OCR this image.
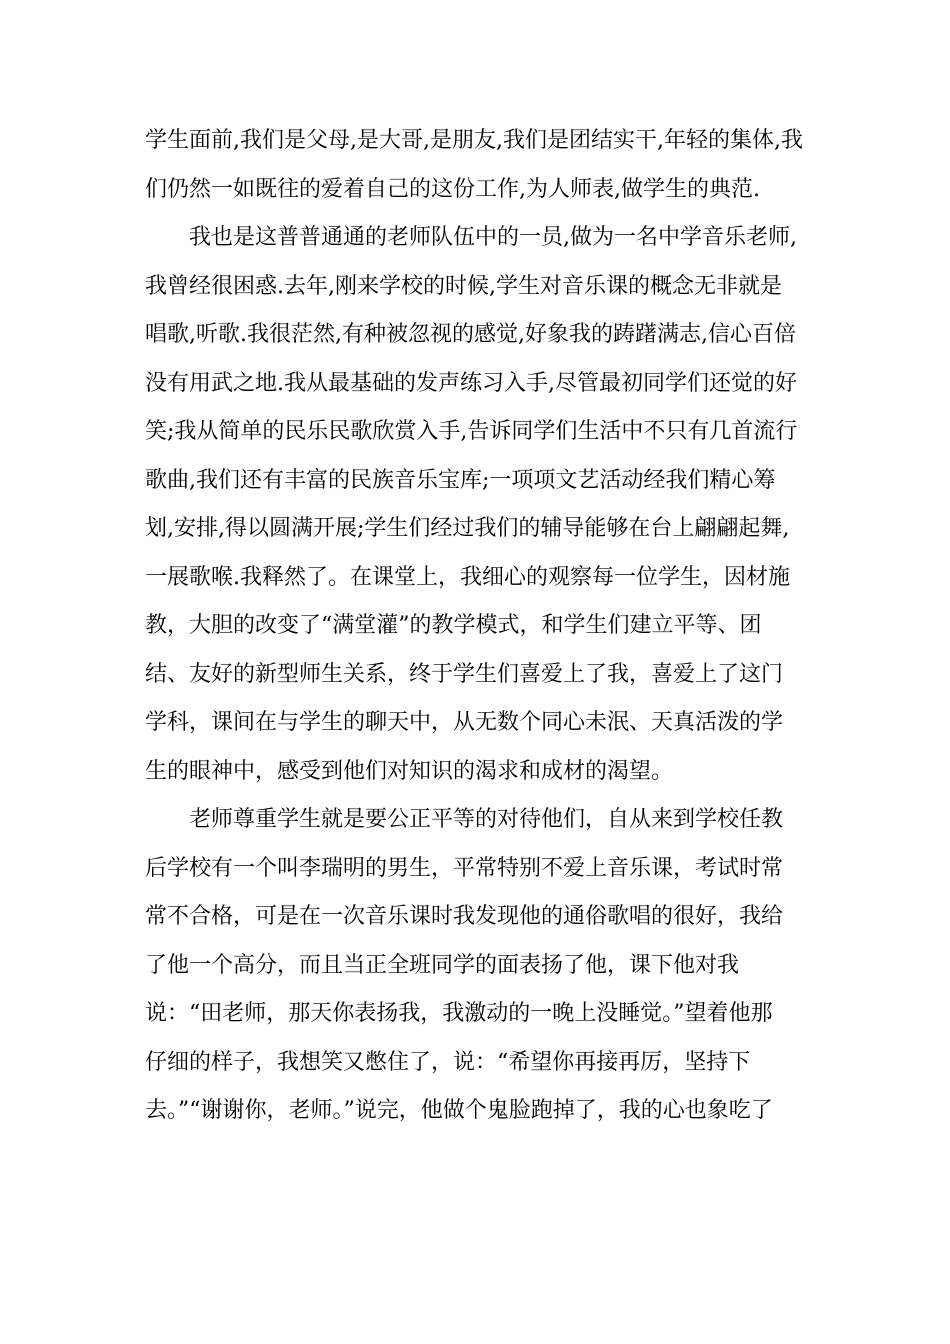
学生面前,我们是父母,是大哥,是朋友,我们是团结实干,年轻的集体,我
们仍然一如既往的爱着自己的这份工作,为人师表,做学生的典范.
我也是这普普通通的老师队伍中的一员,做为一名中学音乐老师,
我曾经很困惑.去年,刚来学校的时候,学生对音乐课的概念无非就是
唱歌,听歌.我很茫然,有种被忽视的感觉,好象我的踌躇满志,信心百倍
没有用武之地.我从最基础的发声练习入手,尽管最初同学们还觉的好
笑;我从简单的民乐民歌欣赏入手,告诉同学们生活中不只有几首流行
歌曲,我们还有丰富的民族音乐宝库;一项项文艺活动经我们精心筹
划,安排,得以圆满开展;学生们经过我们的辅导能够在台上翩翩起舞,
一展歌喉.我释然了。在课堂上，我细心的观察每一位学生，因材施
教，大胆的改变了“满堂灌”的教学模式，和学生们建立平等、团
结、友好的新型师生关系，终于学生们喜爱上了我，喜爱上了这门
学科，课间在与学生的聊天中，从无数个同心未泯、天真活泼的学
生的眼神中，感受到他们对知识的渴求和成材的渴望。
老师尊重学生就是要公正平等的对待他们，自从来到学校任教
后学校有一个叫李瑞明的男生，平常特别不爱上音乐课，考试时常
常不合格，可是在一次音乐课时我发现他的通俗歌唱的很好，我给
了他一个高分，而且当正全班同学的面表扬了他，课下他对我
说：“田老师，那天你表扬我，我激动的一晚上没睡觉。”望着他那
仔细的样子，我想笑又憋住了，说：“希望你再接再厉，坚持下
去。”“谢谢你，老师。”说完，他做个鬼脸跑掉了，我的心也象吃了
